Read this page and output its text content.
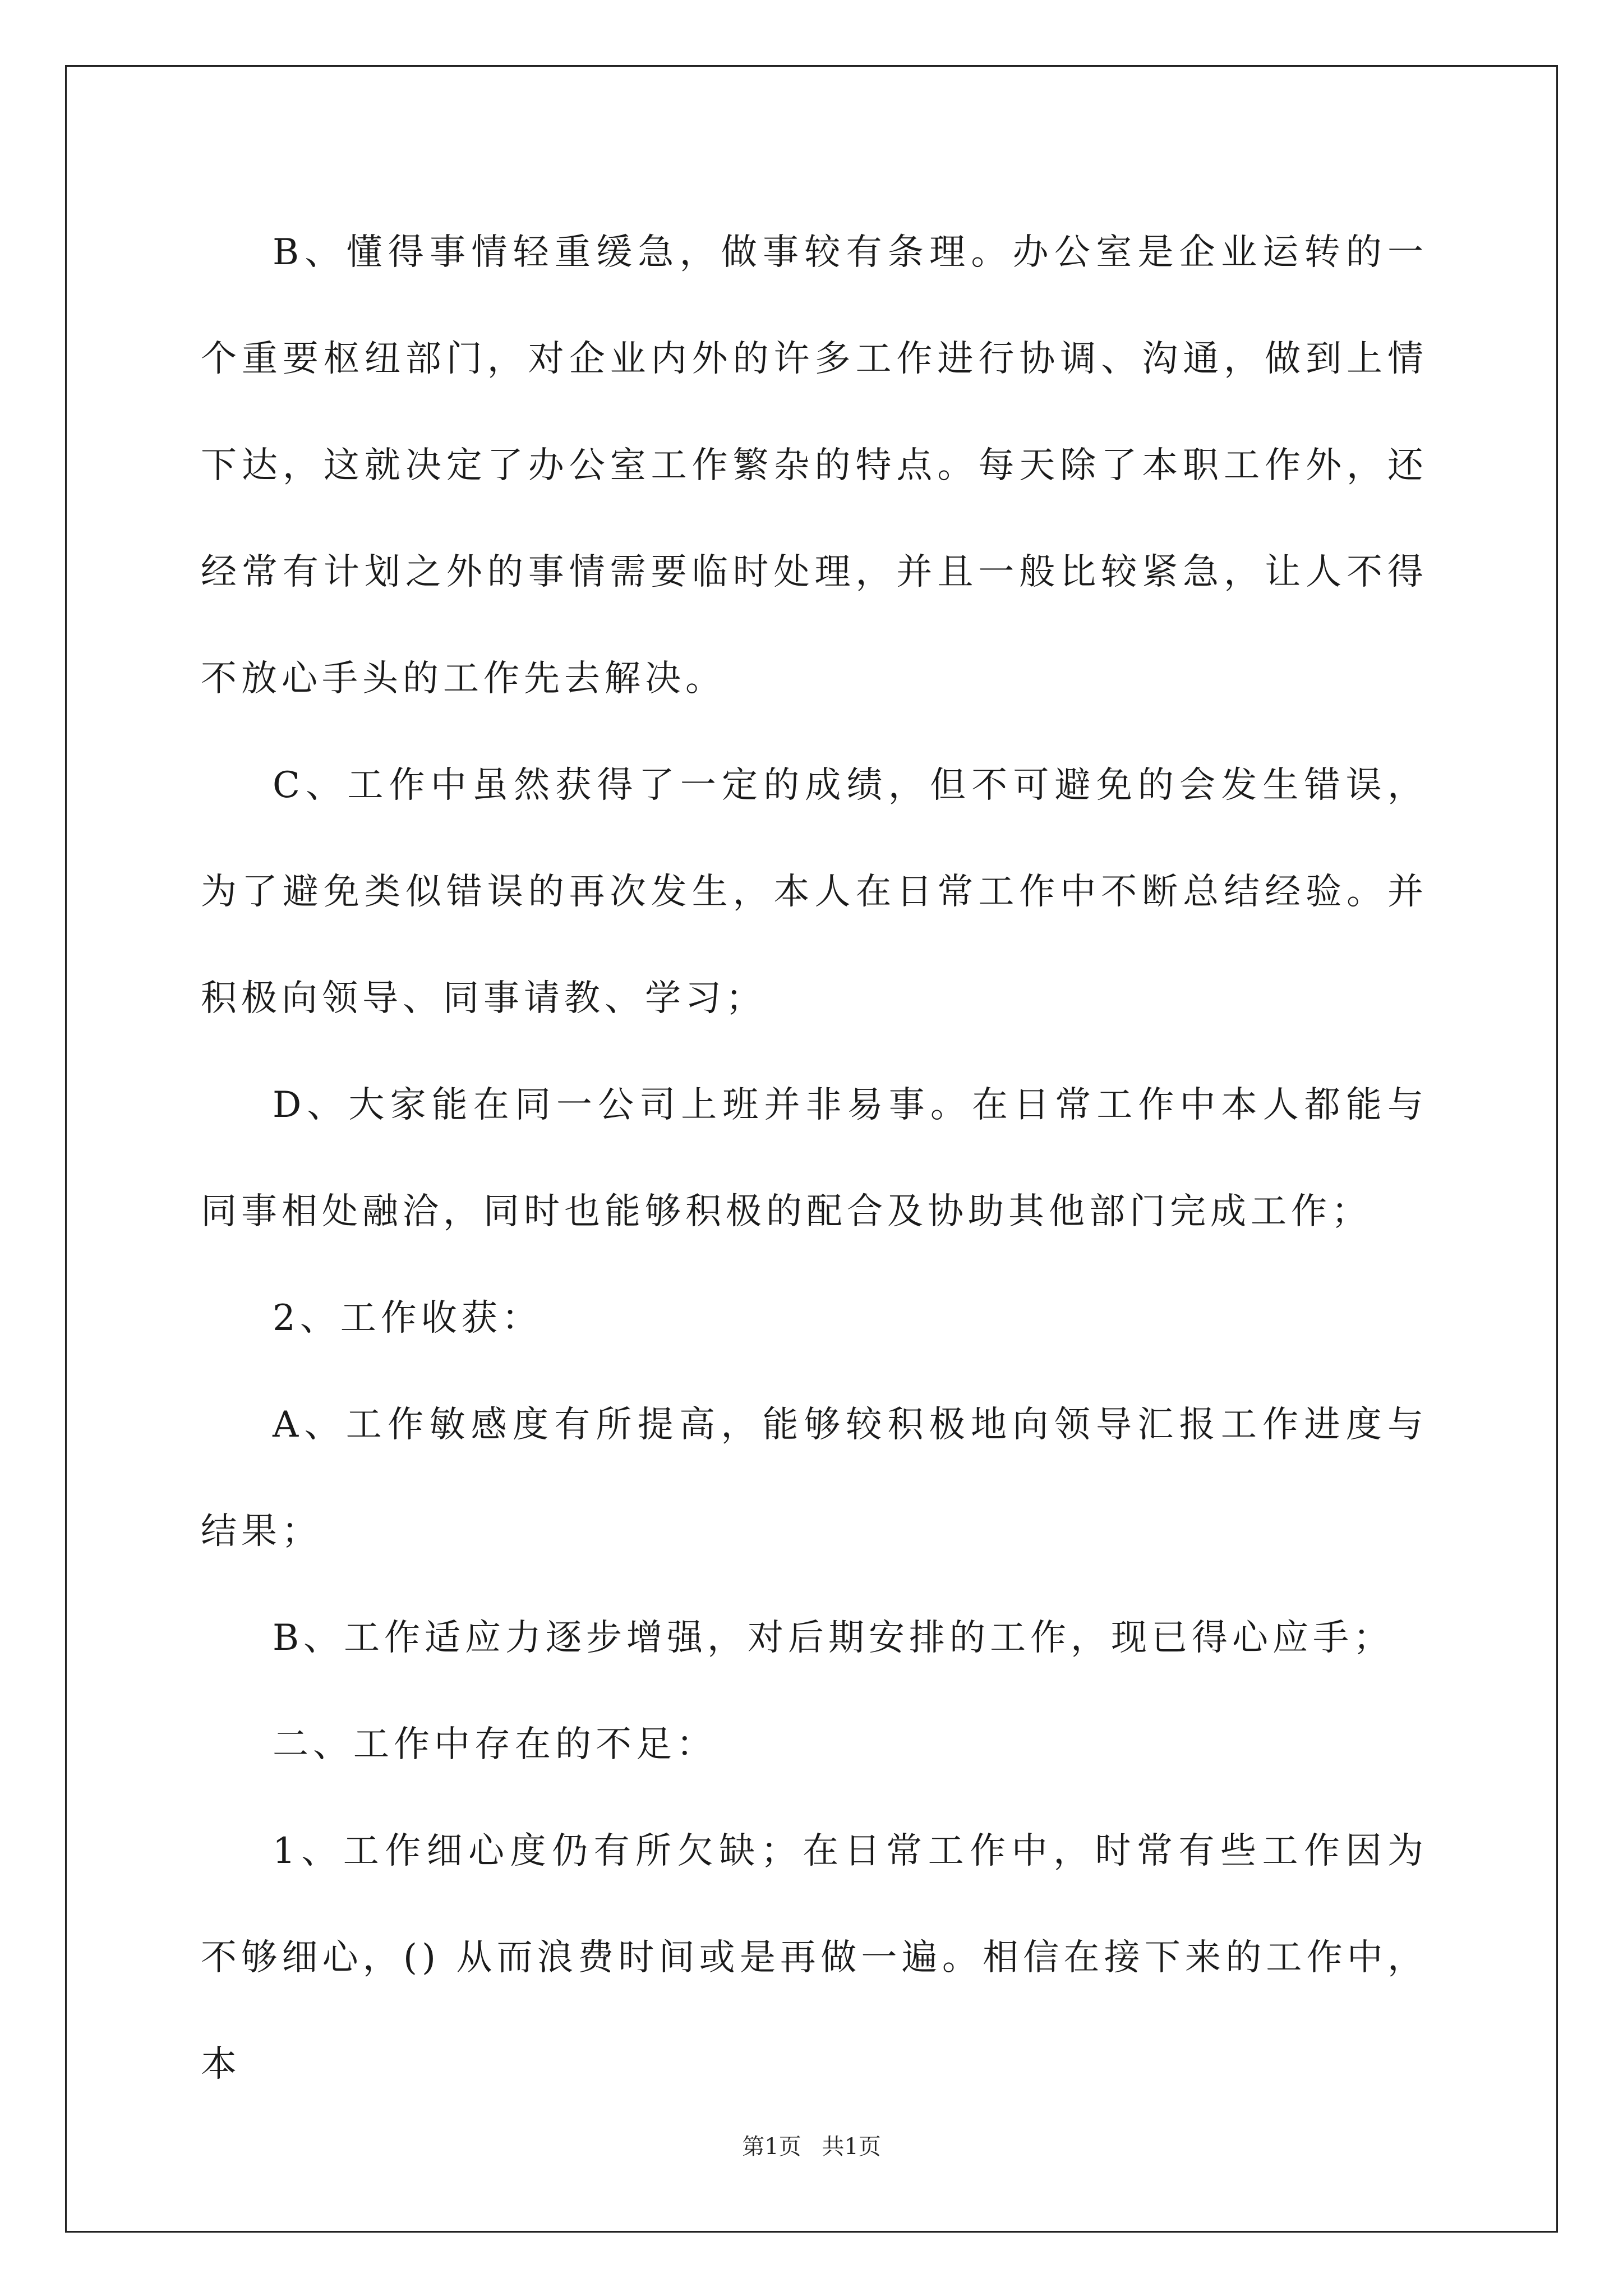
B、懂得事情轻重缓急，做事较有条理。办公室是企业运转的一个重要枢纽部门，对企业内外的许多工作进行协调、沟通，做到上情下达，这就决定了办公室工作繁杂的特点。每天除了本职工作外，还经常有计划之外的事情需要临时处理，并且一般比较紧急，让人不得不放心手头的工作先去解决。

C、工作中虽然获得了一定的成绩，但不可避免的会发生错误，为了避免类似错误的再次发生，本人在日常工作中不断总结经验。并积极向领导、同事请教、学习；

D、大家能在同一公司上班并非易事。在日常工作中本人都能与同事相处融洽，同时也能够积极的配合及协助其他部门完成工作；

2、工作收获：

A、工作敏感度有所提高，能够较积极地向领导汇报工作进度与结果；

B、工作适应力逐步增强，对后期安排的工作，现已得心应手；

二、工作中存在的不足：

1、工作细心度仍有所欠缺；在日常工作中，时常有些工作因为不够细心，() 从而浪费时间或是再做一遍。相信在接下来的工作中，本

第1页 共1页
